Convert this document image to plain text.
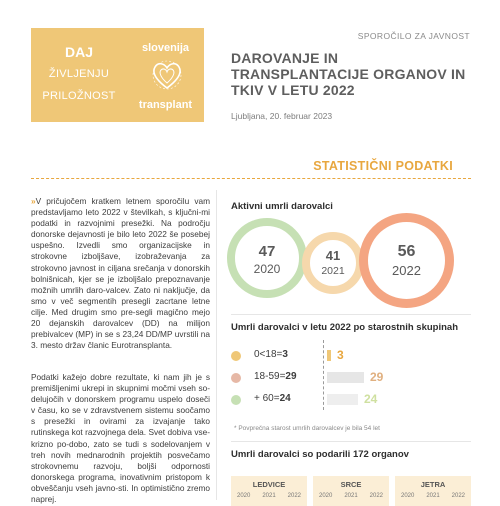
SPOROČILO ZA JAVNOST
DAJ
ŽIVLJENJU
PRILOŽNOST
slovenija
transplant
DAROVANJE IN TRANSPLANTACIJE ORGANOV IN TKIV V LETU 2022
Ljubljana, 20. februar 2023
STATISTIČNI PODATKI
»V pričujočem kratkem letnem sporočilu vam predstavljamo leto 2022 v številkah, s ključni-mi podatki in razvojnimi presežki. Na področju donorske dejavnosti je bilo leto 2022 še posebej uspešno. Izvedli smo organizacijske in strokovne izboljšave, izobraževanja za strokovno javnost in ciljana srečanja v donorskih bolnišnicah, kjer se je izboljšalo prepoznavanje možnih umrlih daro-valcev. Zato ni naključje, da smo v več segmentih presegli zacrtane letne cilje. Med drugim smo pre-segli magično mejo 20 dejanskih darovalcev (DD) na milijon prebivalcev (MP) in se s 23,24 DD/MP uvrstili na 3. mesto držav članic Eurotransplanta.
Podatki kažejo dobre rezultate, ki nam jih je s premišljenimi ukrepi in skupnimi močmi vseh so-delujočih v donorskem programu uspelo doseči v času, ko se v zdravstvenem sistemu soočamo s presežki in ovirami za izvajanje tako rutinskega kot razvojnega dela. Svet dobiva vse-krizno po-dobo, zato se tudi s sodelovanjem v treh novih mednarodnih projektih posvečamo strokovnemu razvoju, boljši odpornosti donorskega programa, inovativnim pristopom k obveščanju vseh javno-sti. In optimistično zremo naprej.
Aktivni umrli darovalci
47
2020
41
2021
56
2022
Umrli darovalci v letu 2022 po starostnih skupinah
0<18=3
18-59=29
+ 60=24
3
29
24
* Povprečna starost umrlih darovalcev je bila 54 let
Umrli darovalci so podarili 172 organov
LEDVICE
2020 2021 2022
SRCE
2020 2021 2022
JETRA
2020 2021 2022
